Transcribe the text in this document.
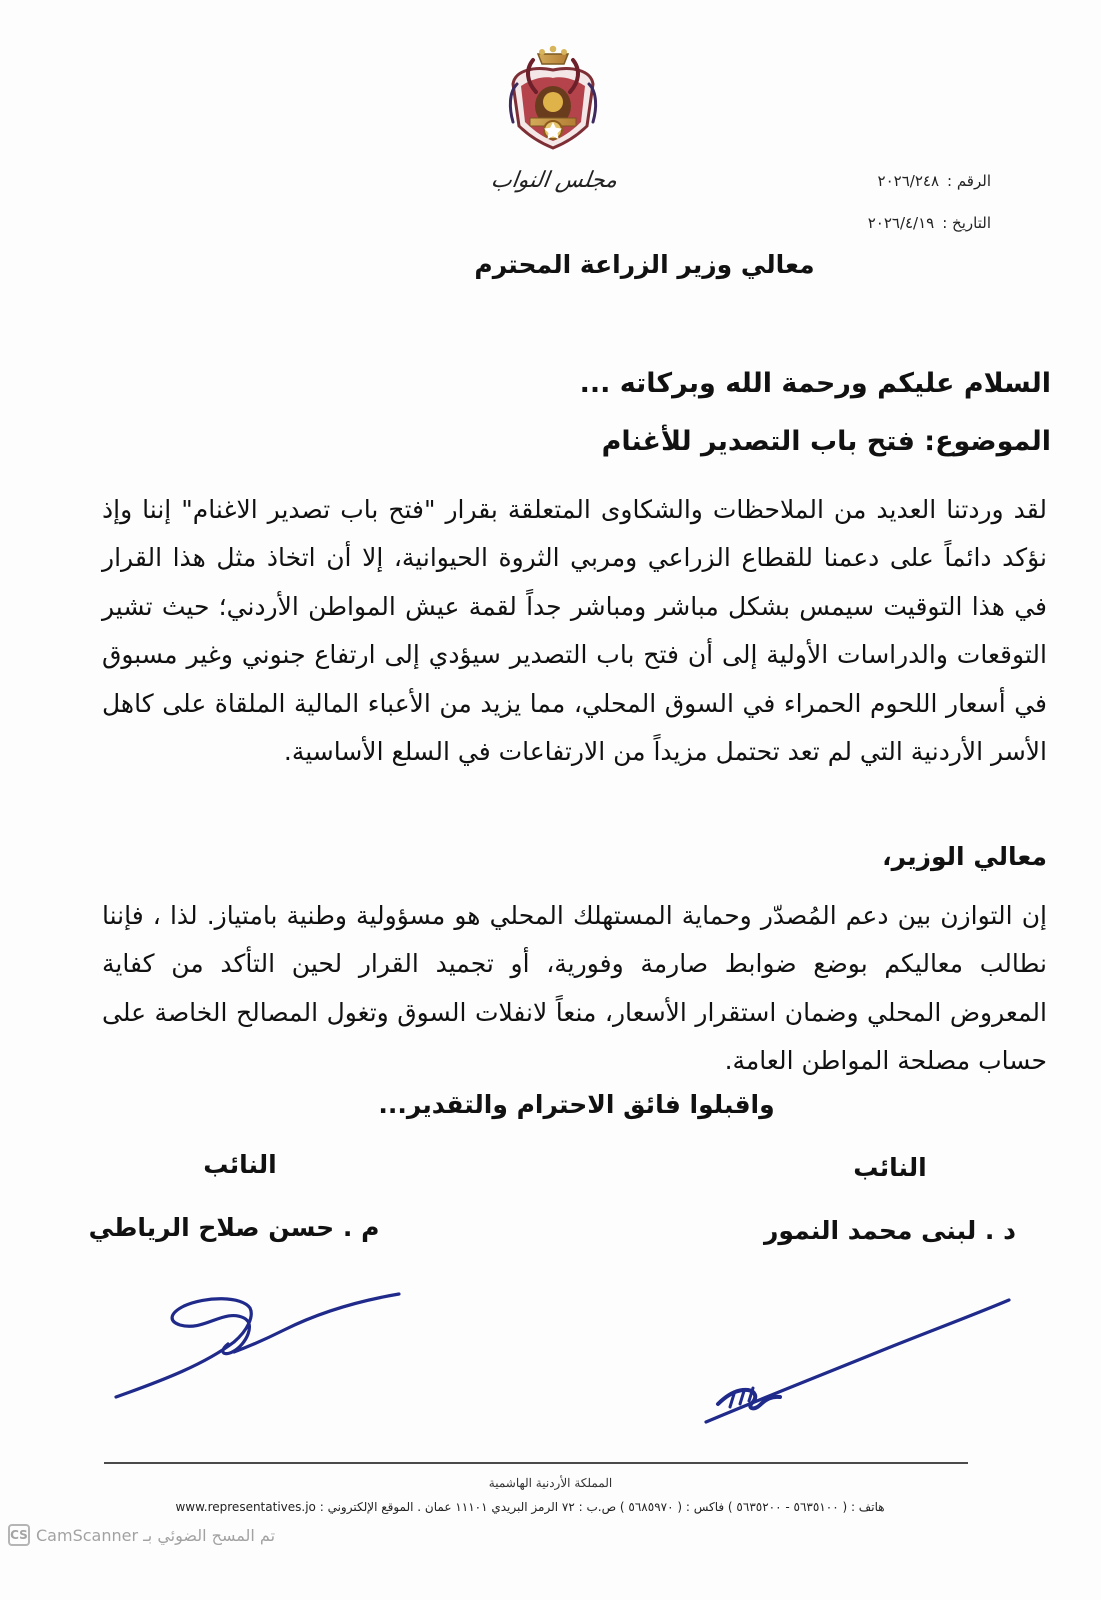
مجلس النواب	الرقم :
٢٠٢٦/٢٤٨
التاريخ :
٢٠٢٦/٤/١٩
معالي وزير الزراعة المحترم
السلام عليكم ورحمة الله وبركاته ...
الموضوع: فتح باب التصدير للأغنام
لقد وردتنا العديد من الملاحظات والشكاوى المتعلقة بقرار "فتح باب تصدير الاغنام" إننا وإذ نؤكد دائماً على دعمنا للقطاع الزراعي ومربي الثروة الحيوانية، إلا أن اتخاذ مثل هذا القرار في هذا التوقيت سيمس بشكل مباشر ومباشر جداً لقمة عيش المواطن الأردني؛ حيث تشير التوقعات والدراسات الأولية إلى أن فتح باب التصدير سيؤدي إلى ارتفاع جنوني وغير مسبوق في أسعار اللحوم الحمراء في السوق المحلي، مما يزيد من الأعباء المالية الملقاة على كاهل الأسر الأردنية التي لم تعد تحتمل مزيداً من الارتفاعات في السلع الأساسية.
معالي الوزير،
إن التوازن بين دعم المُصدّر وحماية المستهلك المحلي هو مسؤولية وطنية بامتياز. لذا ، فإننا نطالب معاليكم بوضع ضوابط صارمة وفورية، أو تجميد القرار لحين التأكد من كفاية المعروض المحلي وضمان استقرار الأسعار، منعاً لانفلات السوق وتغول المصالح الخاصة على حساب مصلحة المواطن العامة.
واقبلوا فائق الاحترام والتقدير...
النائب
د . لبنى محمد النمور
النائب
م . حسن صلاح الرياطي
المملكة الأردنية الهاشمية
هاتف : ( ٥٦٣٥١٠٠ - ٥٦٣٥٢٠٠ ) فاكس : ( ٥٦٨٥٩٧٠ ) ص.ب : ٧٢ الرمز البريدي ١١١٠١ عمان . الموقع الإلكتروني : www.representatives.jo
CS CamScanner تم المسح الضوئي بـ
